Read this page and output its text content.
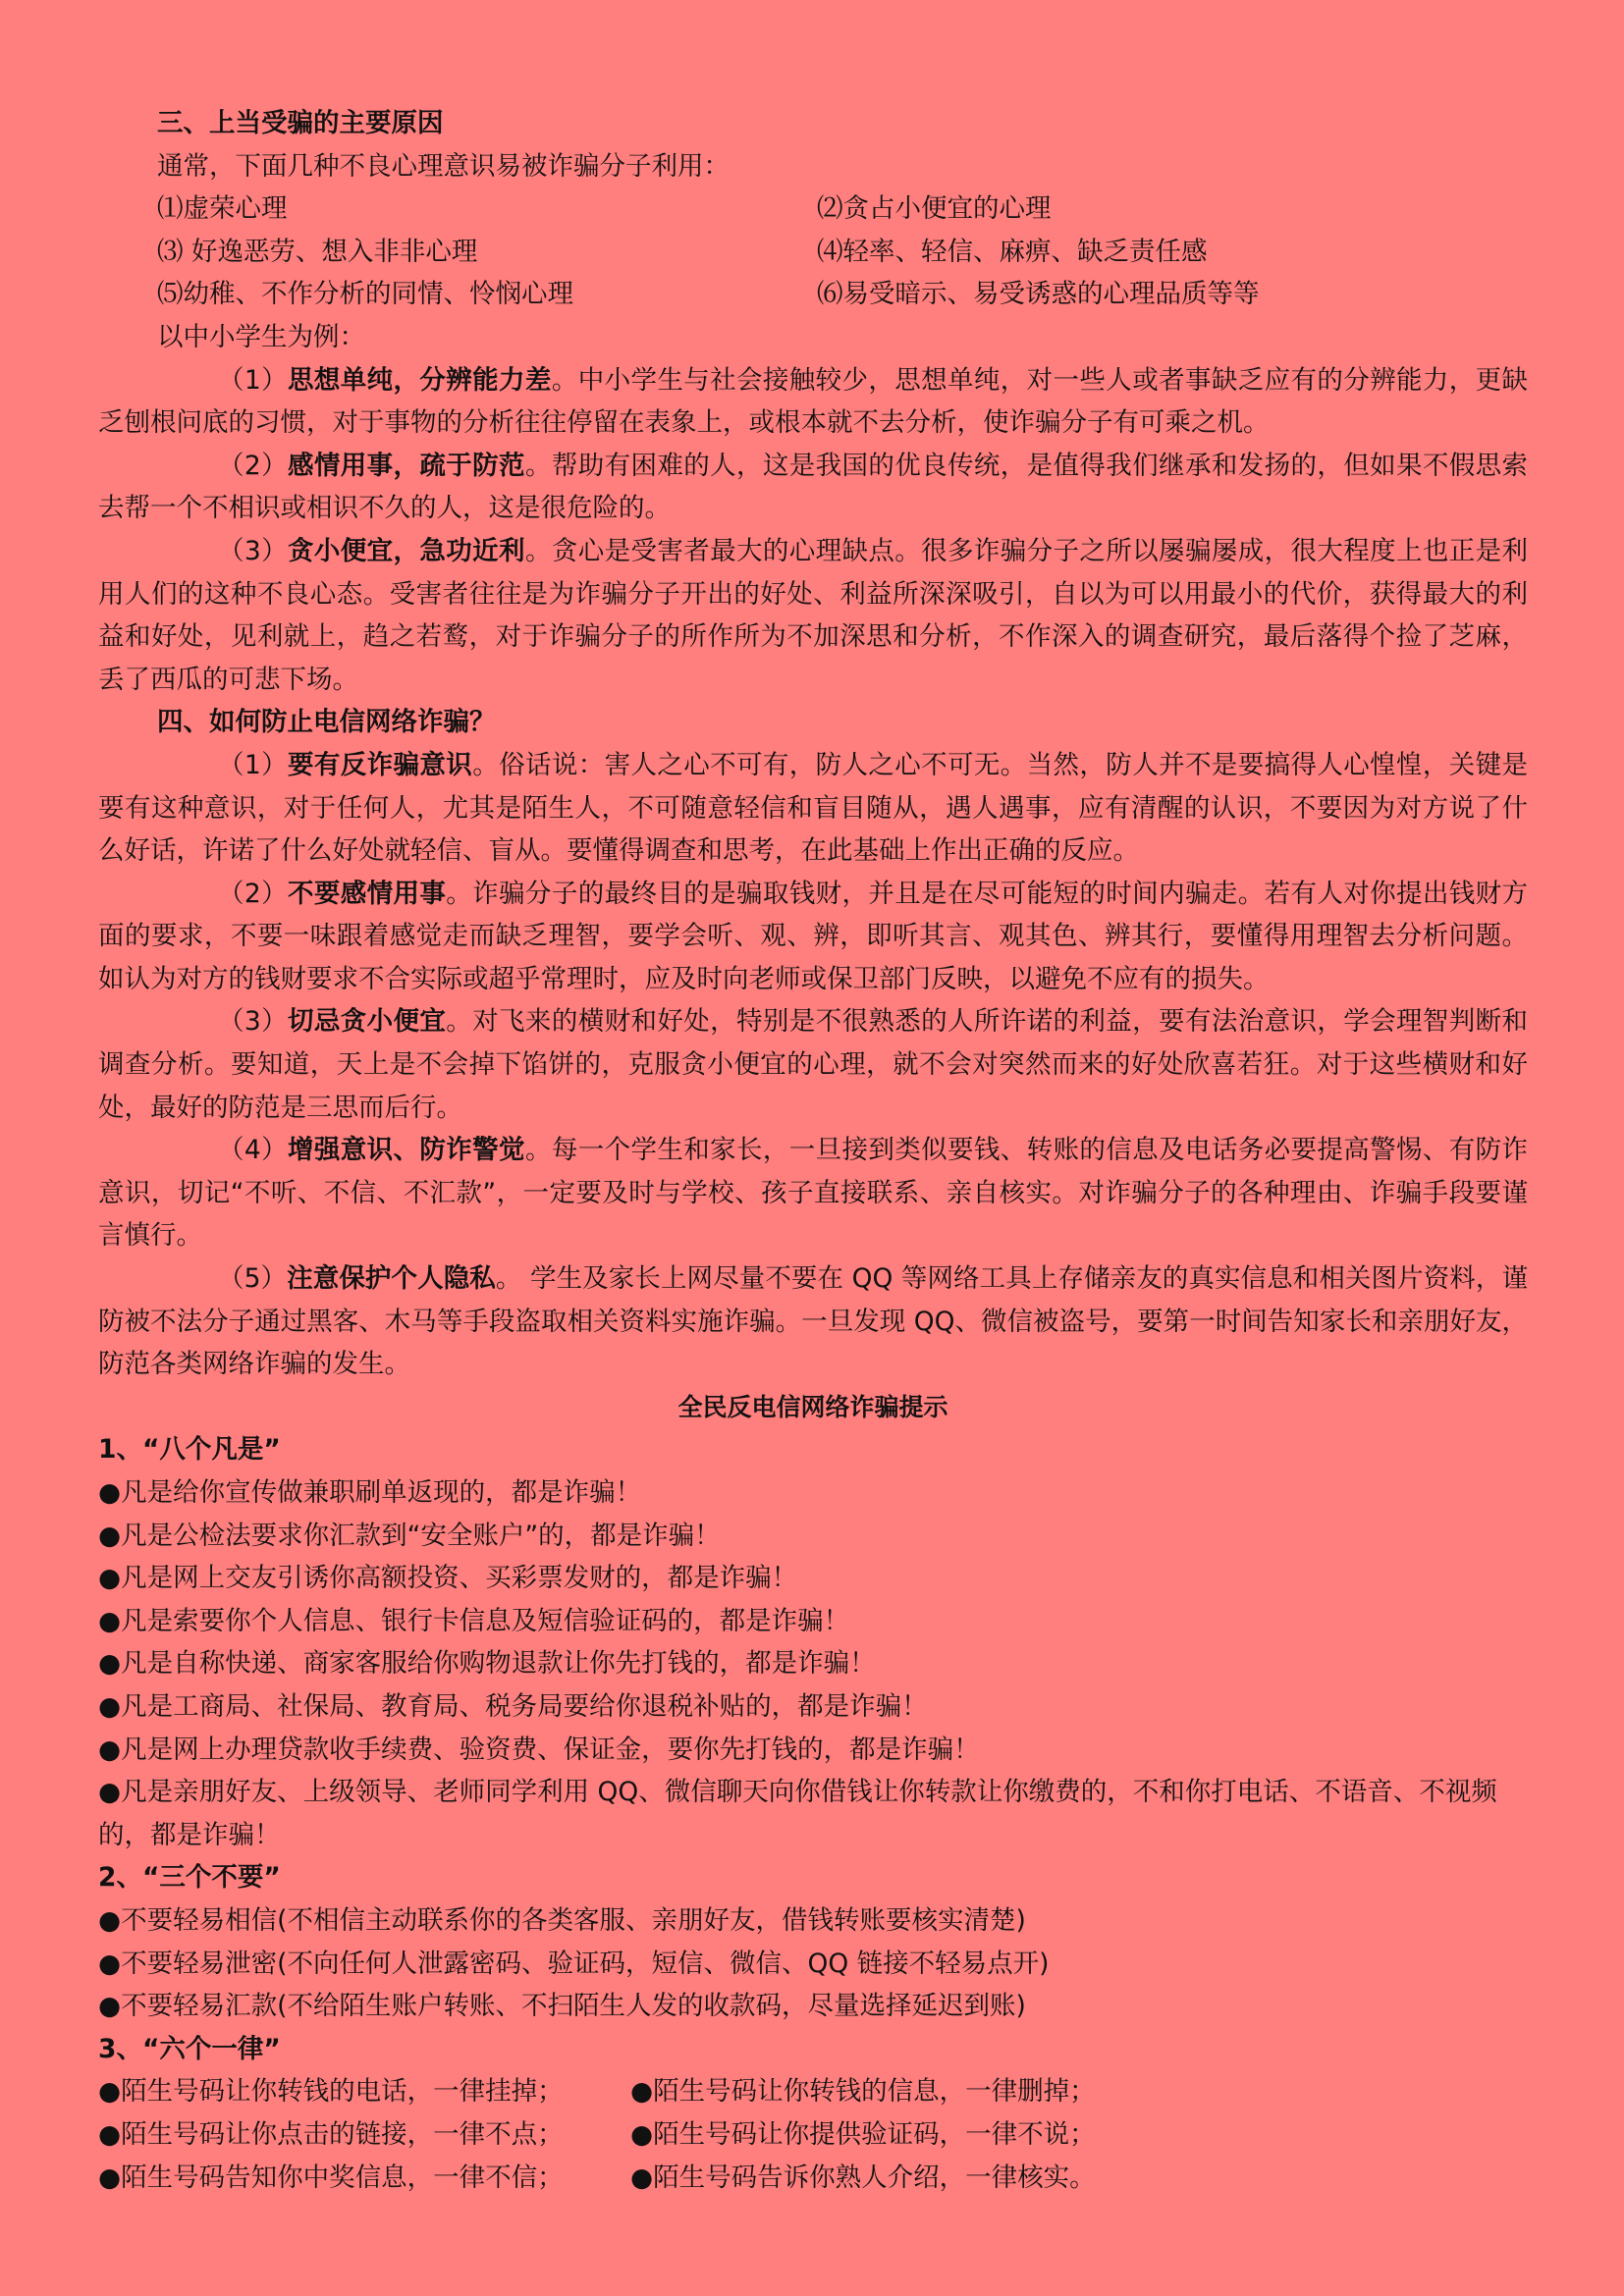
三、上当受骗的主要原因

通常，下面几种不良心理意识易被诈骗分子利用：

⑴虚荣心理	⑵贪占小便宜的心理

⑶ 好逸恶劳、想入非非心理	⑷轻率、轻信、麻痹、缺乏责任感

⑸幼稚、不作分析的同情、怜悯心理	⑹易受暗示、易受诱惑的心理品质等等

以中小学生为例：

（1）思想单纯，分辨能力差。中小学生与社会接触较少，思想单纯，对一些人或者事缺乏应有的分辨能力，更缺乏刨根问底的习惯，对于事物的分析往往停留在表象上，或根本就不去分析，使诈骗分子有可乘之机。

（2）感情用事，疏于防范。帮助有困难的人，这是我国的优良传统，是值得我们继承和发扬的，但如果不假思索去帮一个不相识或相识不久的人，这是很危险的。

（3）贪小便宜，急功近利。贪心是受害者最大的心理缺点。很多诈骗分子之所以屡骗屡成，很大程度上也正是利用人们的这种不良心态。受害者往往是为诈骗分子开出的好处、利益所深深吸引，自以为可以用最小的代价，获得最大的利益和好处，见利就上，趋之若鹜，对于诈骗分子的所作所为不加深思和分析，不作深入的调查研究，最后落得个捡了芝麻，丢了西瓜的可悲下场。

四、如何防止电信网络诈骗？

（1）要有反诈骗意识。俗话说：害人之心不可有，防人之心不可无。当然，防人并不是要搞得人心惶惶，关键是要有这种意识，对于任何人，尤其是陌生人，不可随意轻信和盲目随从，遇人遇事，应有清醒的认识，不要因为对方说了什么好话，许诺了什么好处就轻信、盲从。要懂得调查和思考，在此基础上作出正确的反应。

（2）不要感情用事。诈骗分子的最终目的是骗取钱财，并且是在尽可能短的时间内骗走。若有人对你提出钱财方面的要求，不要一味跟着感觉走而缺乏理智，要学会听、观、辨，即听其言、观其色、辨其行，要懂得用理智去分析问题。如认为对方的钱财要求不合实际或超乎常理时，应及时向老师或保卫部门反映，以避免不应有的损失。

（3）切忌贪小便宜。对飞来的横财和好处，特别是不很熟悉的人所许诺的利益，要有法治意识，学会理智判断和调查分析。要知道，天上是不会掉下馅饼的，克服贪小便宜的心理，就不会对突然而来的好处欣喜若狂。对于这些横财和好处，最好的防范是三思而后行。

（4）增强意识、防诈警觉。每一个学生和家长，一旦接到类似要钱、转账的信息及电话务必要提高警惕、有防诈意识，切记“不听、不信、不汇款”，一定要及时与学校、孩子直接联系、亲自核实。对诈骗分子的各种理由、诈骗手段要谨言慎行。

（5）注意保护个人隐私。 学生及家长上网尽量不要在 QQ 等网络工具上存储亲友的真实信息和相关图片资料，谨防被不法分子通过黑客、木马等手段盗取相关资料实施诈骗。一旦发现 QQ、微信被盗号，要第一时间告知家长和亲朋好友，防范各类网络诈骗的发生。

全民反电信网络诈骗提示

1、“八个凡是”

●凡是给你宣传做兼职刷单返现的，都是诈骗！

●凡是公检法要求你汇款到“安全账户”的，都是诈骗！

●凡是网上交友引诱你高额投资、买彩票发财的，都是诈骗！

●凡是索要你个人信息、银行卡信息及短信验证码的，都是诈骗！

●凡是自称快递、商家客服给你购物退款让你先打钱的，都是诈骗！

●凡是工商局、社保局、教育局、税务局要给你退税补贴的，都是诈骗！

●凡是网上办理贷款收手续费、验资费、保证金，要你先打钱的，都是诈骗！

●凡是亲朋好友、上级领导、老师同学利用 QQ、微信聊天向你借钱让你转款让你缴费的，不和你打电话、不语音、不视频的，都是诈骗！

2、“三个不要”

●不要轻易相信(不相信主动联系你的各类客服、亲朋好友，借钱转账要核实清楚)

●不要轻易泄密(不向任何人泄露密码、验证码，短信、微信、QQ 链接不轻易点开)

●不要轻易汇款(不给陌生账户转账、不扫陌生人发的收款码，尽量选择延迟到账)

3、“六个一律”

●陌生号码让你转钱的电话，一律挂掉；	●陌生号码让你转钱的信息，一律删掉；

●陌生号码让你点击的链接，一律不点；	●陌生号码让你提供验证码，一律不说；

●陌生号码告知你中奖信息，一律不信；	●陌生号码告诉你熟人介绍，一律核实。
